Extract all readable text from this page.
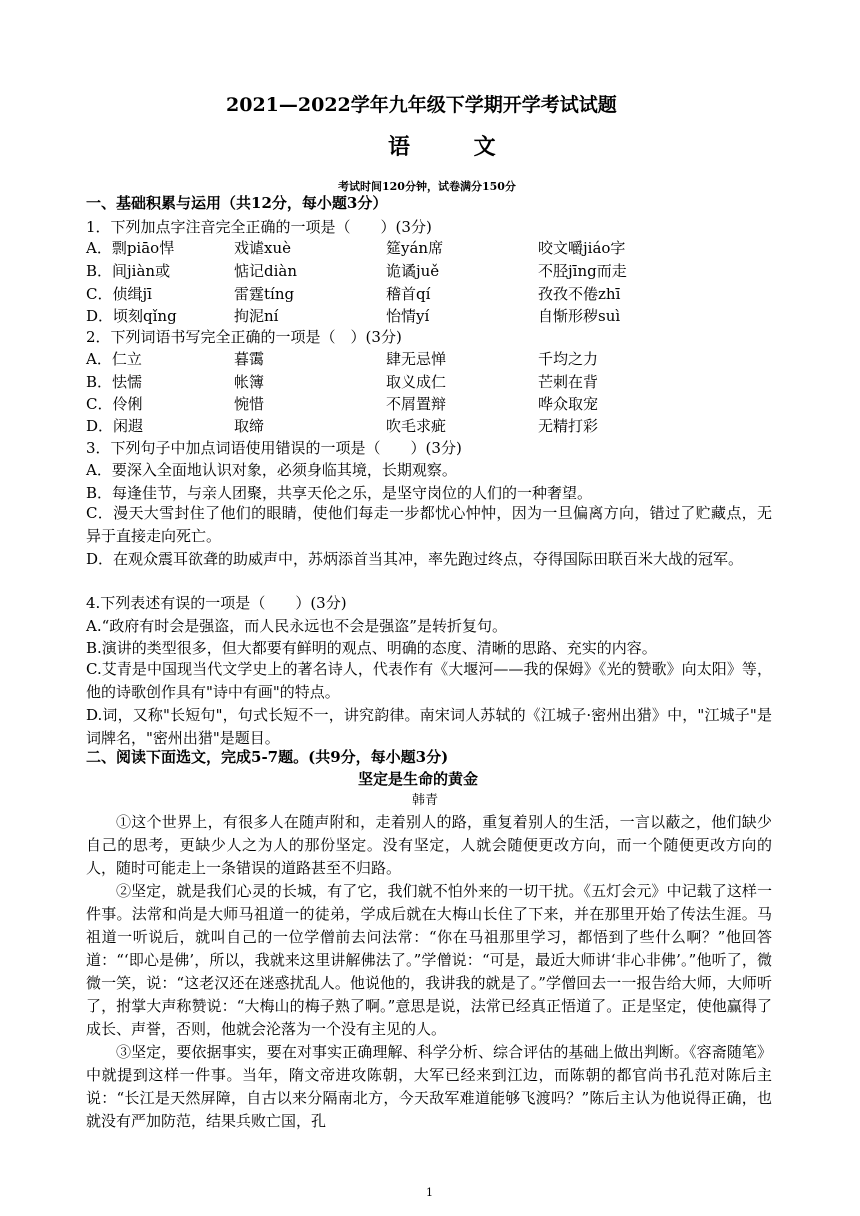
2021—2022学年九年级下学期开学考试试题
语 文
考试时间120分钟，试卷满分150分
一、基础积累与运用（共12分，每小题3分）
1．下列加点字注音完全正确的一项是（　　）(3分)
A．剽piāo悍	戏谑xuè	筵yán席	咬文嚼jiáo字
B．间jiàn或	惦记diàn	诡谲juě	不胫jīng而走
C．侦缉jī	雷霆tíng	稽首qí	孜孜不倦zhī
D．顷刻qǐng	拘泥ní	怡情yí	自惭形秽suì
2．下列词语书写完全正确的一项是（　）(3分)
A．仁立	暮霭	肆无忌惮	千均之力
B．怯懦	帐簿	取义成仁	芒刺在背
C．伶俐	惋惜	不屑置辩	哗众取宠
D．闲遐	取缔	吹毛求疵	无精打彩
3．下列句子中加点词语使用错误的一项是（　　）(3分)
A．要深入全面地认识对象，必须身临其境，长期观察。
B．每逢佳节，与亲人团聚，共享天伦之乐，是坚守岗位的人们的一种奢望。
C．漫天大雪封住了他们的眼睛，使他们每走一步都忧心忡忡，因为一旦偏离方向，错过了贮藏点，无异于直接走向死亡。
D．在观众震耳欲聋的助威声中，苏炳添首当其冲，率先跑过终点，夺得国际田联百米大战的冠军。
4.下列表述有误的一项是（　　）(3分)
A.“政府有时会是强盗，而人民永远也不会是强盗”是转折复句。
B.演讲的类型很多，但大都要有鲜明的观点、明确的态度、清晰的思路、充实的内容。
C.艾青是中国现当代文学史上的著名诗人，代表作有《大堰河——我的保姆》《光的赞歌》向太阳》等，他的诗歌创作具有"诗中有画"的特点。
D.词，又称"长短句"，句式长短不一，讲究韵律。南宋词人苏轼的《江城子·密州出猎》中，"江城子"是词牌名，"密州出猎"是题目。
二、阅读下面选文，完成5-7题。(共9分，每小题3分)
坚定是生命的黄金
韩青
①这个世界上，有很多人在随声附和，走着别人的路，重复着别人的生活，一言以蔽之，他们缺少自己的思考，更缺少人之为人的那份坚定。没有坚定，人就会随便更改方向，而一个随便更改方向的人，随时可能走上一条错误的道路甚至不归路。
②坚定，就是我们心灵的长城，有了它，我们就不怕外来的一切干扰。《五灯会元》中记载了这样一件事。法常和尚是大师马祖道一的徒弟，学成后就在大梅山长住了下来，并在那里开始了传法生涯。马祖道一听说后，就叫自己的一位学僧前去问法常：“你在马祖那里学习，都悟到了些什么啊？”他回答道：“‘即心是佛’，所以，我就来这里讲解佛法了。”学僧说：“可是，最近大师讲‘非心非佛’。”他听了，微微一笑，说：“这老汉还在迷惑扰乱人。他说他的，我讲我的就是了。”学僧回去一一报告给大师，大师听了，拊掌大声称赞说：“大梅山的梅子熟了啊。”意思是说，法常已经真正悟道了。正是坚定，使他赢得了成长、声誉，否则，他就会沦落为一个没有主见的人。
③坚定，要依据事实，要在对事实正确理解、科学分析、综合评估的基础上做出判断。《容斋随笔》中就提到这样一件事。当年，隋文帝进攻陈朝，大军已经来到江边，而陈朝的都官尚书孔范对陈后主说：“长江是天然屏障，自古以来分隔南北方，今天敌军难道能够飞渡吗？”陈后主认为他说得正确，也就没有严加防范，结果兵败亡国，孔
1
